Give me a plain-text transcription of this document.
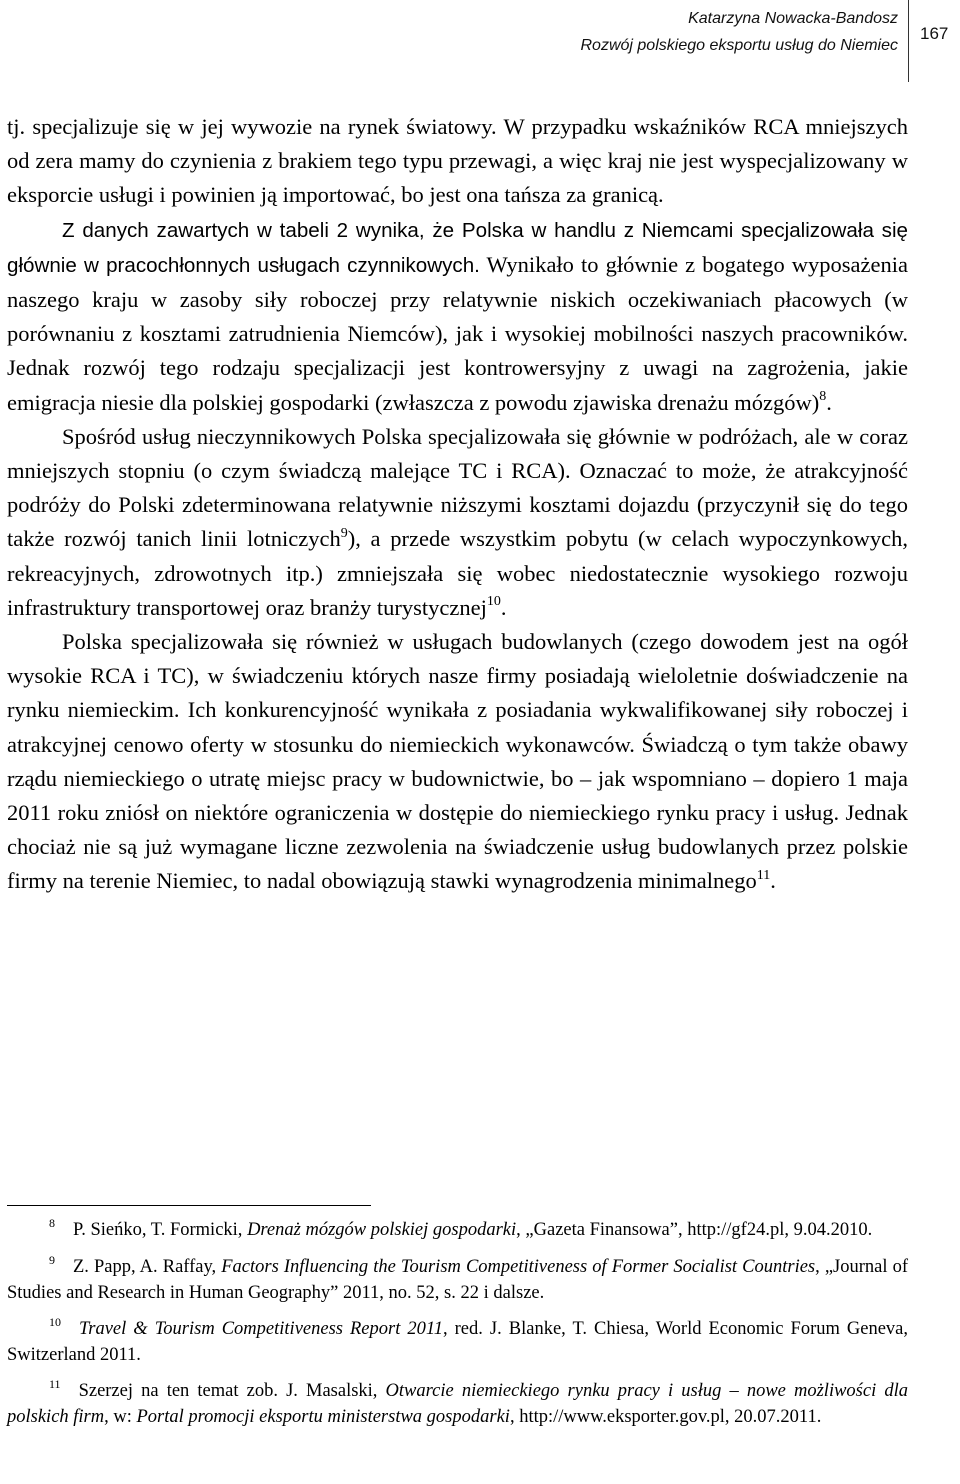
Katarzyna Nowacka-Bandosz
Rozwój polskiego eksportu usług do Niemiec
167

tj. specjalizuje się w jej wywozie na rynek światowy. W przypadku wskaźników RCA mniejszych od zera mamy do czynienia z brakiem tego typu przewagi, a więc kraj nie jest wyspecjalizowany w eksporcie usługi i powinien ją importować, bo jest ona tańsza za granicą.

Z danych zawartych w tabeli 2 wynika, że Polska w handlu z Niemcami specjalizowała się głównie w pracochłonnych usługach czynnikowych. Wynikało to głównie z bogatego wyposażenia naszego kraju w zasoby siły roboczej przy relatywnie niskich oczekiwaniach płacowych (w porównaniu z kosztami zatrudnienia Niemców), jak i wysokiej mobilności naszych pracowników. Jednak rozwój tego rodzaju specjalizacji jest kontrowersyjny z uwagi na zagrożenia, jakie emigracja niesie dla polskiej gospodarki (zwłaszcza z powodu zjawiska drenażu mózgów)$^8$.

Spośród usług nieczynnikowych Polska specjalizowała się głównie w podróżach, ale w coraz mniejszych stopniu (o czym świadczą malejące TC i RCA). Oznaczać to może, że atrakcyjność podróży do Polski zdeterminowana relatywnie niższymi kosztami dojazdu (przyczynił się do tego także rozwój tanich linii lotniczych$^9$), a przede wszystkim pobytu (w celach wypoczynkowych, rekreacyjnych, zdrowotnych itp.) zmniejszała się wobec niedostatecznie wysokiego rozwoju infrastruktury transportowej oraz branży turystycznej$^{10}$.

Polska specjalizowała się również w usługach budowlanych (czego dowodem jest na ogół wysokie RCA i TC), w świadczeniu których nasze firmy posiadają wieloletnie doświadczenie na rynku niemieckim. Ich konkurencyjność wynikała z posiadania wykwalifikowanej siły roboczej i atrakcyjnej cenowo oferty w stosunku do niemieckich wykonawców. Świadczą o tym także obawy rządu niemieckiego o utratę miejsc pracy w budownictwie, bo – jak wspomniano – dopiero 1 maja 2011 roku zniósł on niektóre ograniczenia w dostępie do niemieckiego rynku pracy i usług. Jednak chociaż nie są już wymagane liczne zezwolenia na świadczenie usług budowlanych przez polskie firmy na terenie Niemiec, to nadal obowiązują stawki wynagrodzenia minimalnego$^{11}$.

$^8$ P. Sieńko, T. Formicki, Drenaż mózgów polskiej gospodarki, „Gazeta Finansowa”, http://gf24.pl, 9.04.2010.

$^9$ Z. Papp, A. Raffay, Factors Influencing the Tourism Competitiveness of Former Socialist Countries, „Journal of Studies and Research in Human Geography” 2011, no. 52, s. 22 i dalsze.

$^{10}$ Travel & Tourism Competitiveness Report 2011, red. J. Blanke, T. Chiesa, World Economic Forum Geneva, Switzerland 2011.

$^{11}$ Szerzej na ten temat zob. J. Masalski, Otwarcie niemieckiego rynku pracy i usług – nowe możliwości dla polskich firm, w: Portal promocji eksportu ministerstwa gospodarki, http://www.eksporter.gov.pl, 20.07.2011.
